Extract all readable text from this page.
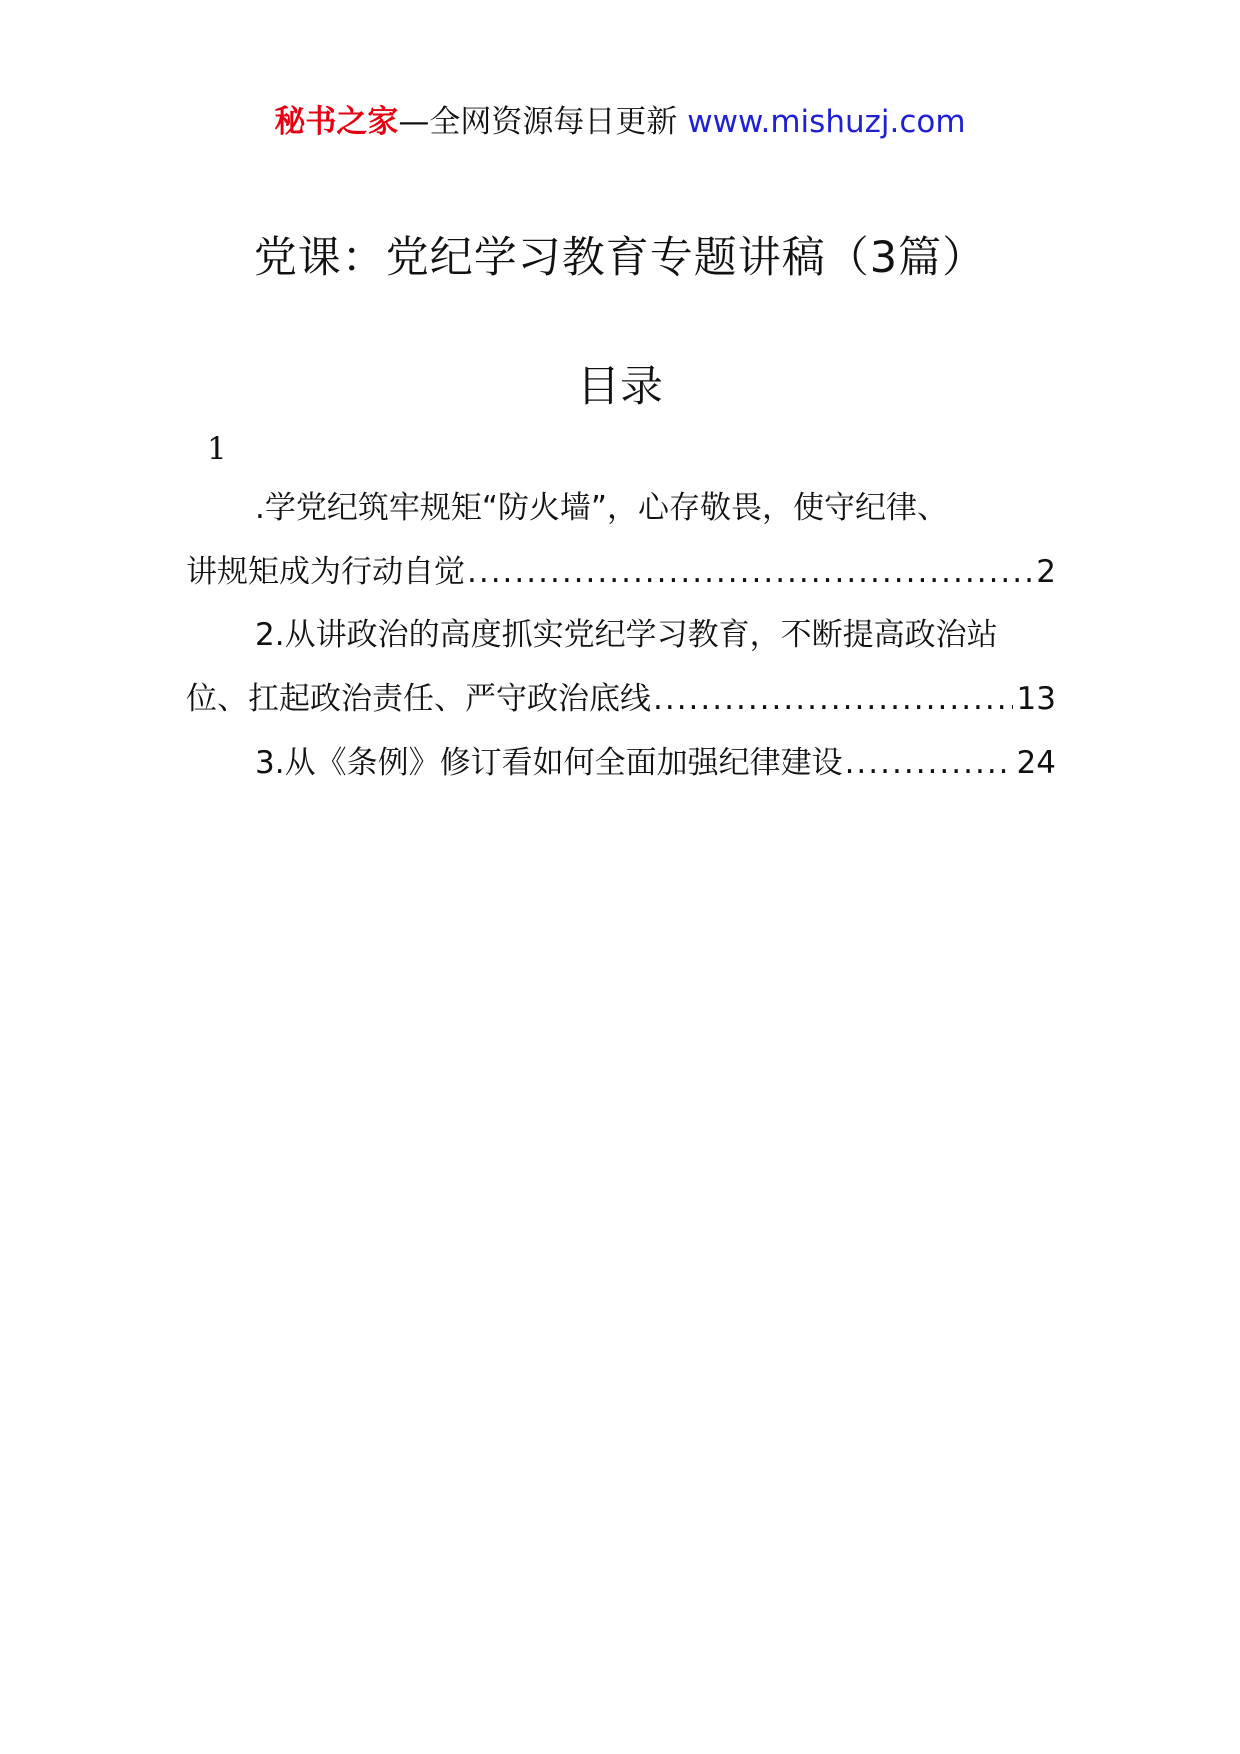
秘书之家—全网资源每日更新 www.mishuzj.com
党课：党纪学习教育专题讲稿（3篇）
目录
1
.学党纪筑牢规矩“防火墙”，心存敬畏，使守纪律、
讲规矩成为行动自觉 .....	2
2.从讲政治的高度抓实党纪学习教育，不断提高政治站
位、扛起政治责任、严守政治底线 .....	13
3.从《条例》修订看如何全面加强纪律建设 .....	24
